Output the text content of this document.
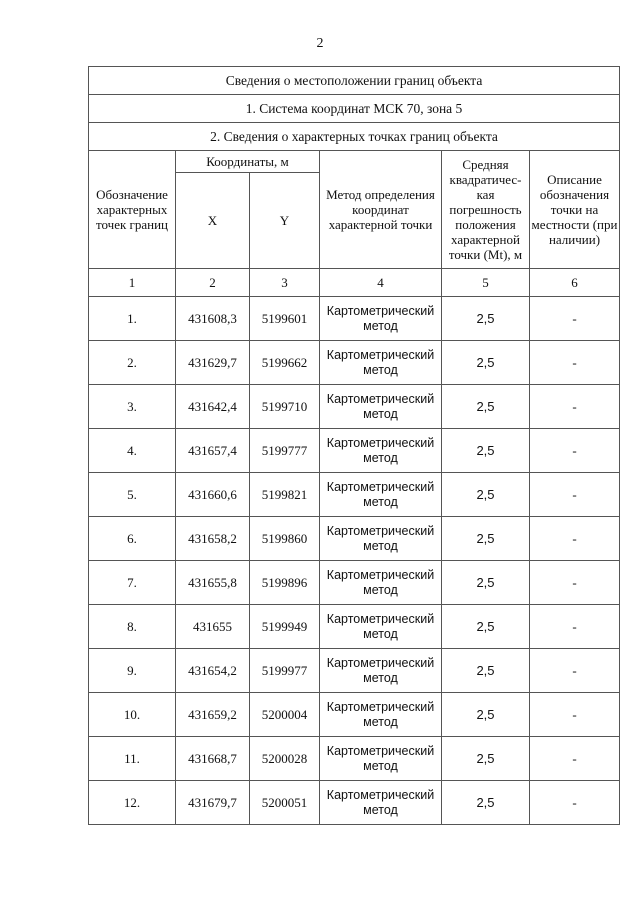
2
Сведения о местоположении границ объекта					
1. Система координат МСК 70, зона 5					
2. Сведения о характерных точках границ объекта					
Обозначение характерных точек границ	Координаты, м		Метод определения координат характерной точки	Средняя квадратичес-кая погрешность положения характерной точки (Mt), м	Описание обозначения точки на местности (при наличии)
	X	Y			
1	2	3	4	5	6
1.	431608,3	5199601	Картометрический метод	2,5	-
2.	431629,7	5199662	Картометрический метод	2,5	-
3.	431642,4	5199710	Картометрический метод	2,5	-
4.	431657,4	5199777	Картометрический метод	2,5	-
5.	431660,6	5199821	Картометрический метод	2,5	-
6.	431658,2	5199860	Картометрический метод	2,5	-
7.	431655,8	5199896	Картометрический метод	2,5	-
8.	431655	5199949	Картометрический метод	2,5	-
9.	431654,2	5199977	Картометрический метод	2,5	-
10.	431659,2	5200004	Картометрический метод	2,5	-
11.	431668,7	5200028	Картометрический метод	2,5	-
12.	431679,7	5200051	Картометрический метод	2,5	-
